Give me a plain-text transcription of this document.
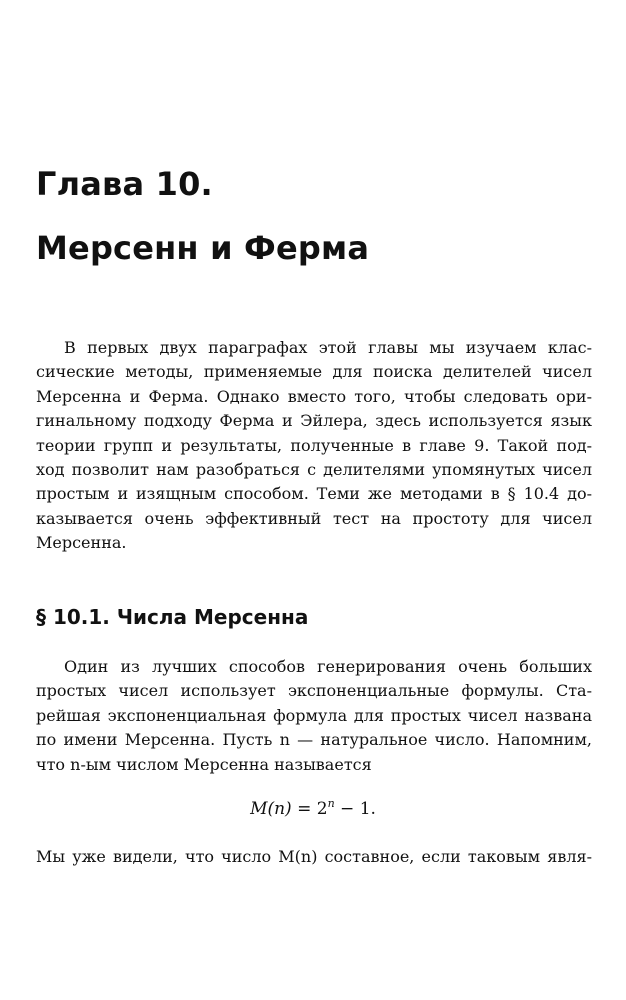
Глава 10.
Мерсенн и Ферма
В первых двух параграфах этой главы мы изучаем клас-
сические методы, применяемые для поиска делителей чисел
Мерсенна и Ферма. Однако вместо того, чтобы следовать ори-
гинальному подходу Ферма и Эйлера, здесь используется язык
теории групп и результаты, полученные в главе 9. Такой под-
ход позволит нам разобраться с делителями упомянутых чисел
простым и изящным способом. Теми же методами в § 10.4 до-
казывается очень эффективный тест на простоту для чисел
Мерсенна.
§ 10.1. Числа Мерсенна
Один из лучших способов генерирования очень больших
простых чисел использует экспоненциальные формулы. Ста-
рейшая экспоненциальная формула для простых чисел названа
по имени Мерсенна. Пусть n — натуральное число. Напомним,
что n-ым числом Мерсенна называется
$M(n) = 2^n - 1$.
Мы уже видели, что число M(n) составное, если таковым явля-
